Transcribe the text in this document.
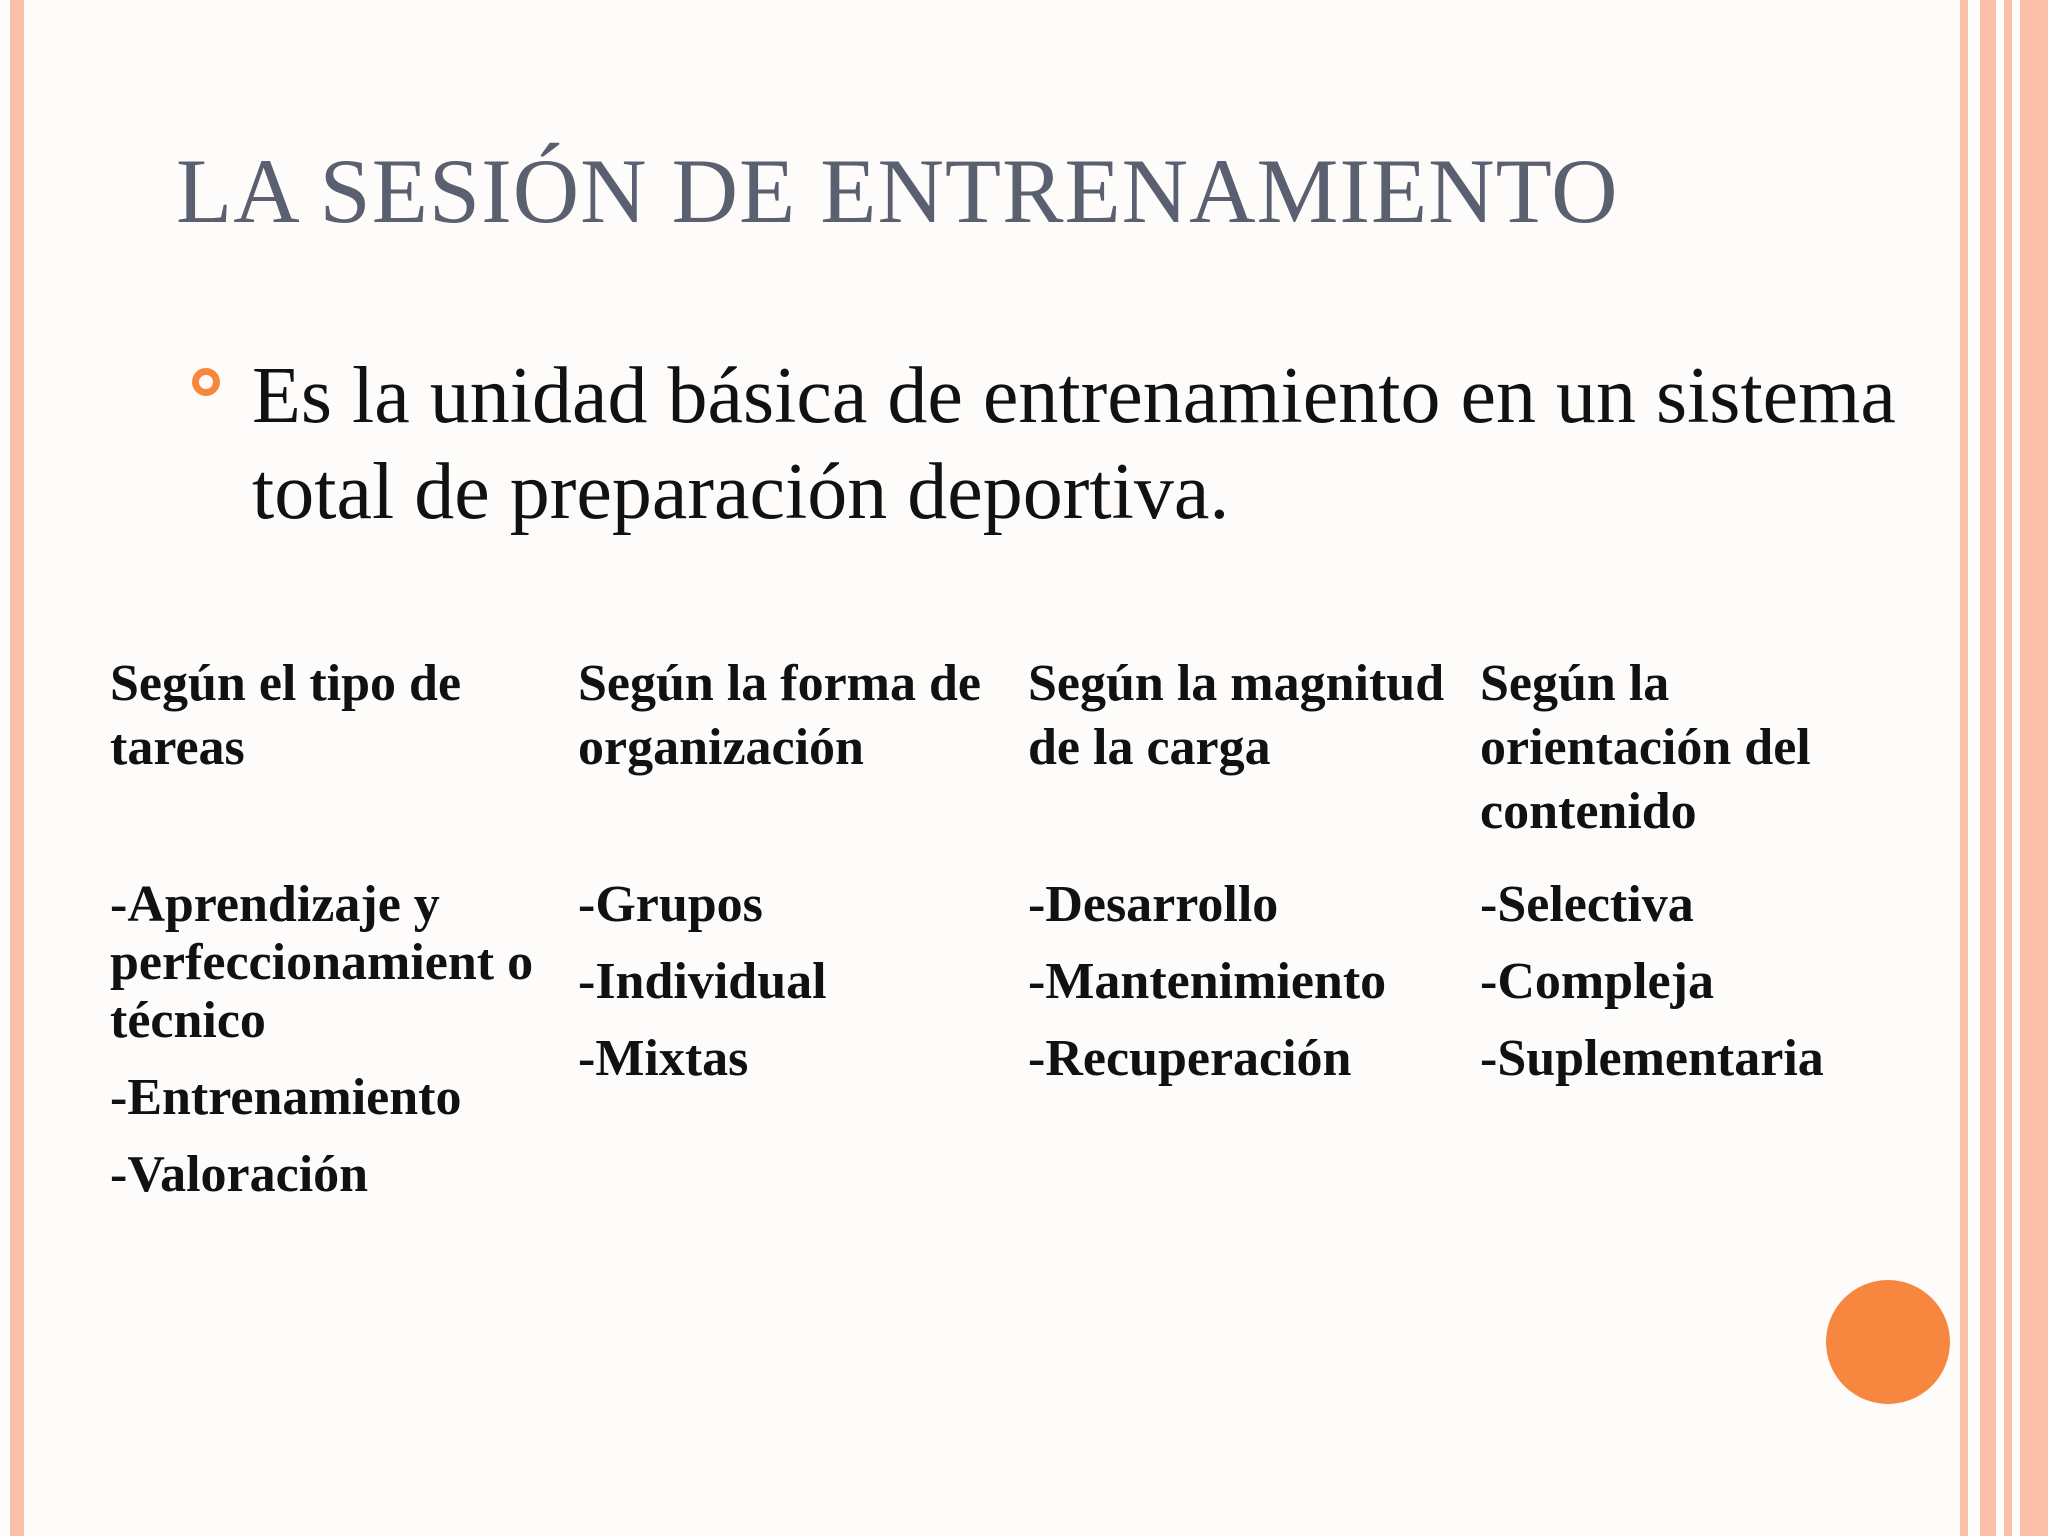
LA SESIÓN DE ENTRENAMIENTO
Es la unidad básica de entrenamiento en un sistema total de preparación deportiva.
Según el tipo de tareas
-Aprendizaje y perfeccionamient o técnico
-Entrenamiento
-Valoración
Según la forma de organización
-Grupos
-Individual
-Mixtas
Según la magnitud de la carga
-Desarrollo
-Mantenimiento
-Recuperación
Según la orientación del contenido
-Selectiva
-Compleja
-Suplementaria
